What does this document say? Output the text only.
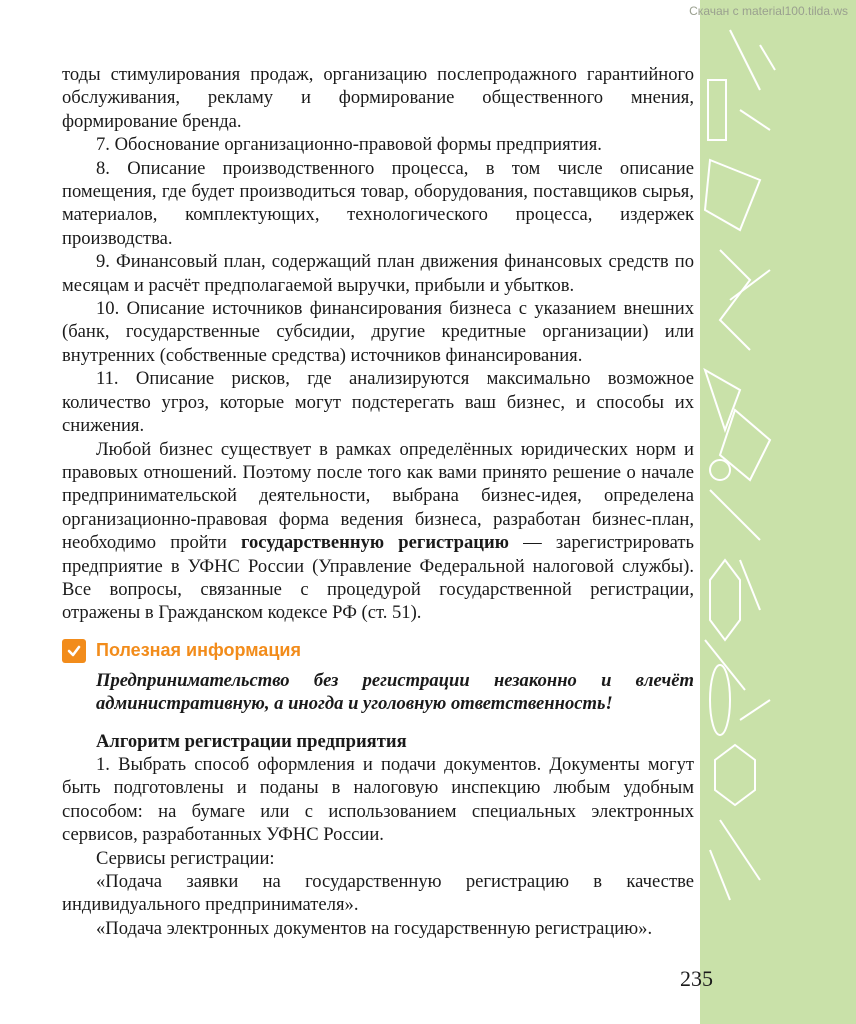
Скачан с material100.tilda.ws

тоды стимулирования продаж, организацию послепродажного гарантийного обслуживания, рекламу и формирование общественного мнения, формирование бренда.

7. Обоснование организационно-правовой формы предприятия.

8. Описание производственного процесса, в том числе описание помещения, где будет производиться товар, оборудования, поставщиков сырья, материалов, комплектующих, технологического процесса, издержек производства.

9. Финансовый план, содержащий план движения финансовых средств по месяцам и расчёт предполагаемой выручки, прибыли и убытков.

10. Описание источников финансирования бизнеса с указанием внешних (банк, государственные субсидии, другие кредитные организации) или внутренних (собственные средства) источников финансирования.

11. Описание рисков, где анализируются максимально возможное количество угроз, которые могут подстерегать ваш бизнес, и способы их снижения.

Любой бизнес существует в рамках определённых юридических норм и правовых отношений. Поэтому после того как вами принято решение о начале предпринимательской деятельности, выбрана бизнес-идея, определена организационно-правовая форма ведения бизнеса, разработан бизнес-план, необходимо пройти государственную регистрацию — зарегистрировать предприятие в УФНС России (Управление Федеральной налоговой службы). Все вопросы, связанные с процедурой государственной регистрации, отражены в Гражданском кодексе РФ (ст. 51).

Полезная информация

Предпринимательство без регистрации незаконно и влечёт административную, а иногда и уголовную ответственность!

Алгоритм регистрации предприятия

1. Выбрать способ оформления и подачи документов. Документы могут быть подготовлены и поданы в налоговую инспекцию любым удобным способом: на бумаге или с использованием специальных электронных сервисов, разработанных УФНС России.

Сервисы регистрации:

«Подача заявки на государственную регистрацию в качестве индивидуального предпринимателя».

«Подача электронных документов на государственную регистрацию».

235
